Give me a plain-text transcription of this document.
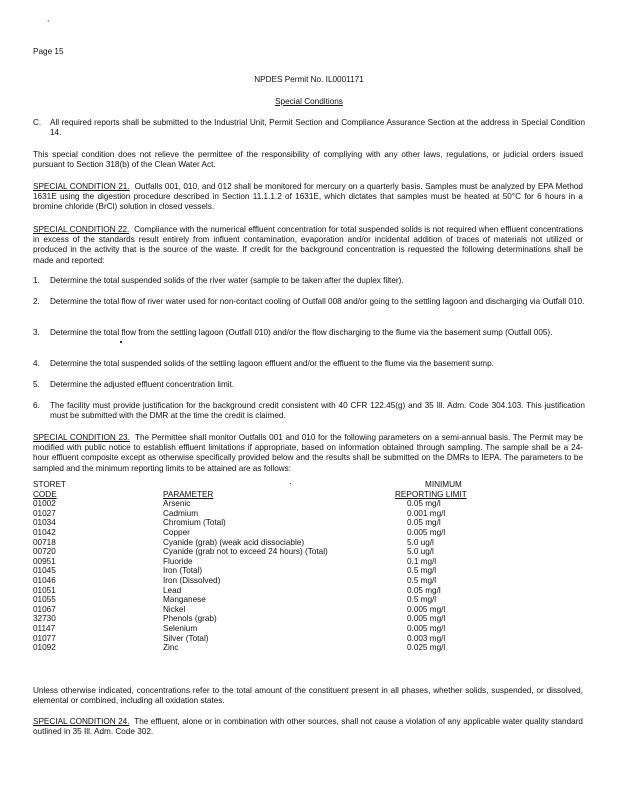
,
Page 15
NPDES Permit No. IL0001171
Special Conditions
C. All required reports shall be submitted to the Industrial Unit, Permit Section and Compliance Assurance Section at the address in Special Condition 14.
This special condition does not relieve the permittee of the responsibility of compliying with any other laws, regulations, or judicial orders issued pursuant to Section 318(b) of the Clean Water Act.
SPECIAL CONDITION 21. Outfalls 001, 010, and 012 shall be monitored for mercury on a quarterly basis. Samples must be analyzed by EPA Method 1631E using the digestion procedure described in Section 11.1.1.2 of 1631E, which dictates that samples must be heated at 50°C for 6 hours in a bromine chloride (BrCl) solution in closed vessels.
SPECIAL CONDITION 22. Compliance with the numerical effluent concentration for total suspended solids is not required when effluent concentrations in excess of the standards result entirely from influent contamination, evaporation and/or incidental addition of traces of materials not utilized or produced in the activity that is the source of the waste. If credit for the background concentration is requested the following determinations shall be made and reported:
1. Determine the total suspended solids of the river water (sample to be taken after the duplex filter).
2. Determine the total flow of river water used for non-contact cooling of Outfall 008 and/or going to the settling lagoon and discharging via Outfall 010.
3. Determine the total flow from the settling lagoon (Outfall 010) and/or the flow discharging to the flume via the basement sump (Outfall 005).
4. Determine the total suspended solids of the settling lagoon effluent and/or the effluent to the flume via the basement sump.
5. Determine the adjusted effluent concentration limit.
6. The facility must provide justification for the background credit consistent with 40 CFR 122.45(g) and 35 Ill. Adm. Code 304.103. This justification must be submitted with the DMR at the time the credit is claimed.
SPECIAL CONDITION 23. The Permittee shall monitor Outfalls 001 and 010 for the following parameters on a semi-annual basis. The Permit may be modified with public notice to establish effluent limitations if appropriate, based on information obtained through sampling. The sample shall be a 24-hour effluent composite except as otherwise specifically provided below and the results shall be submitted on the DMRs to IEPA. The parameters to be sampled and the minimum reporting limits to be attained are as follows:
STORET		MINIMUM
CODE	PARAMETER	REPORTING LIMIT
01002	Arsenic	0.05 mg/l
01027	Cadmium	0.001 mg/l
01034	Chromium (Total)	0.05 mg/l
01042	Copper	0.005 mg/l
00718	Cyanide (grab) (weak acid dissociable)	5.0 ug/l
00720	Cyanide (grab not to exceed 24 hours) (Total)	5.0 ug/l
00951	Fluoride	0.1 mg/l
01045	Iron (Total)	0.5 mg/l
01046	Iron (Dissolved)	0.5 mg/l
01051	Lead	0.05 mg/l
01055	Manganese	0.5 mg/l
01067	Nickel	0.005 mg/l
32730	Phenols (grab)	0.005 mg/l
01147	Selenium	0.005 mg/l
01077	Silver (Total)	0.003 mg/l
01092	Zinc	0.025 mg/l
Unless otherwise indicated, concentrations refer to the total amount of the constituent present in all phases, whether solids, suspended, or dissolved, elemental or combined, including all oxidation states.
SPECIAL CONDITION 24. The effluent, alone or in combination with other sources, shall not cause a violation of any applicable water quality standard outlined in 35 Ill. Adm. Code 302.
